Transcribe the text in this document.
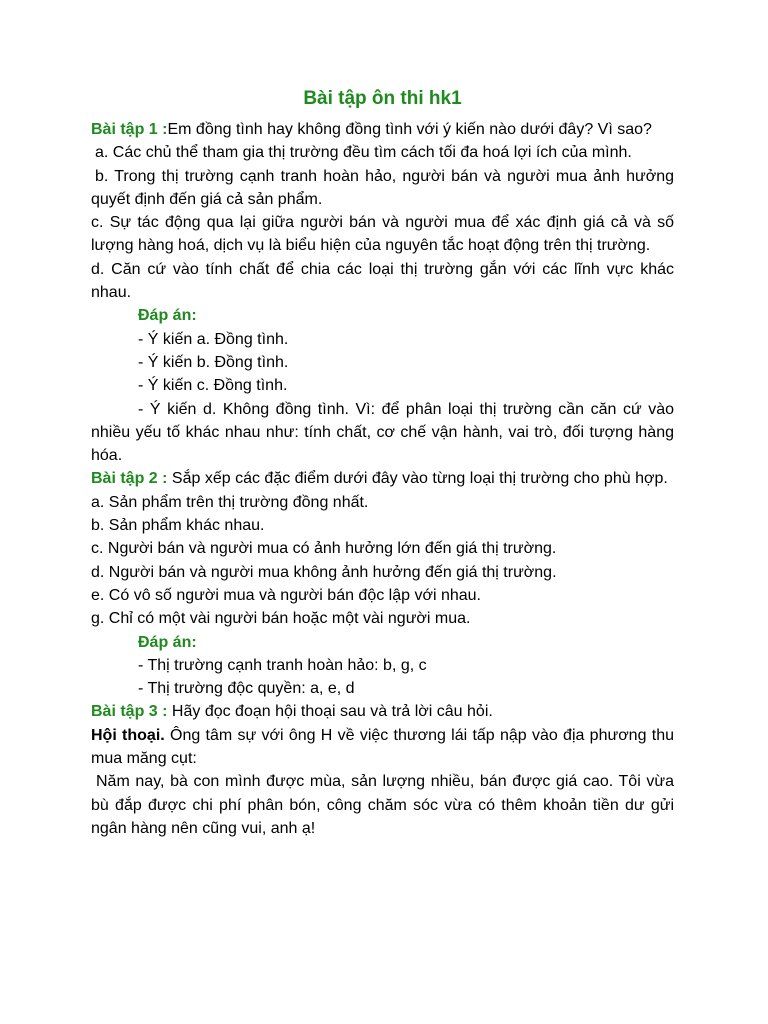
Bài tập ôn thi hk1

Bài tập 1 :Em đồng tình hay không đồng tình với ý kiến nào dưới đây? Vì sao?

a. Các chủ thể tham gia thị trường đều tìm cách tối đa hoá lợi ích của mình.

b. Trong thị trường cạnh tranh hoàn hảo, người bán và người mua ảnh hưởng quyết định đến giá cả sản phẩm.

c. Sự tác động qua lại giữa người bán và người mua để xác định giá cả và số lượng hàng hoá, dịch vụ là biểu hiện của nguyên tắc hoạt động trên thị trường.

d. Căn cứ vào tính chất để chia các loại thị trường gắn với các lĩnh vực khác nhau.

Đáp án:

- Ý kiến a. Đồng tình.

- Ý kiến b. Đồng tình.

- Ý kiến c. Đồng tình.

- Ý kiến d. Không đồng tình. Vì: để phân loại thị trường cần căn cứ vào nhiều yếu tố khác nhau như: tính chất, cơ chế vận hành, vai trò, đối tượng hàng hóa.

Bài tập 2 : Sắp xếp các đặc điểm dưới đây vào từng loại thị trường cho phù hợp.

a. Sản phẩm trên thị trường đồng nhất.

b. Sản phẩm khác nhau.

c. Người bán và người mua có ảnh hưởng lớn đến giá thị trường.

d. Người bán và người mua không ảnh hưởng đến giá thị trường.

e. Có vô số người mua và người bán độc lập với nhau.

g. Chỉ có một vài người bán hoặc một vài người mua.

Đáp án:

- Thị trường cạnh tranh hoàn hảo: b, g, c

- Thị trường độc quyền: a, e, d

Bài tập 3 : Hãy đọc đoạn hội thoại sau và trả lời câu hỏi.

Hội thoại. Ông tâm sự với ông H về việc thương lái tấp nập vào địa phương thu mua măng cụt:

Năm nay, bà con mình được mùa, sản lượng nhiều, bán được giá cao. Tôi vừa bù đắp được chi phí phân bón, công chăm sóc vừa có thêm khoản tiền dư gửi ngân hàng nên cũng vui, anh ạ!
